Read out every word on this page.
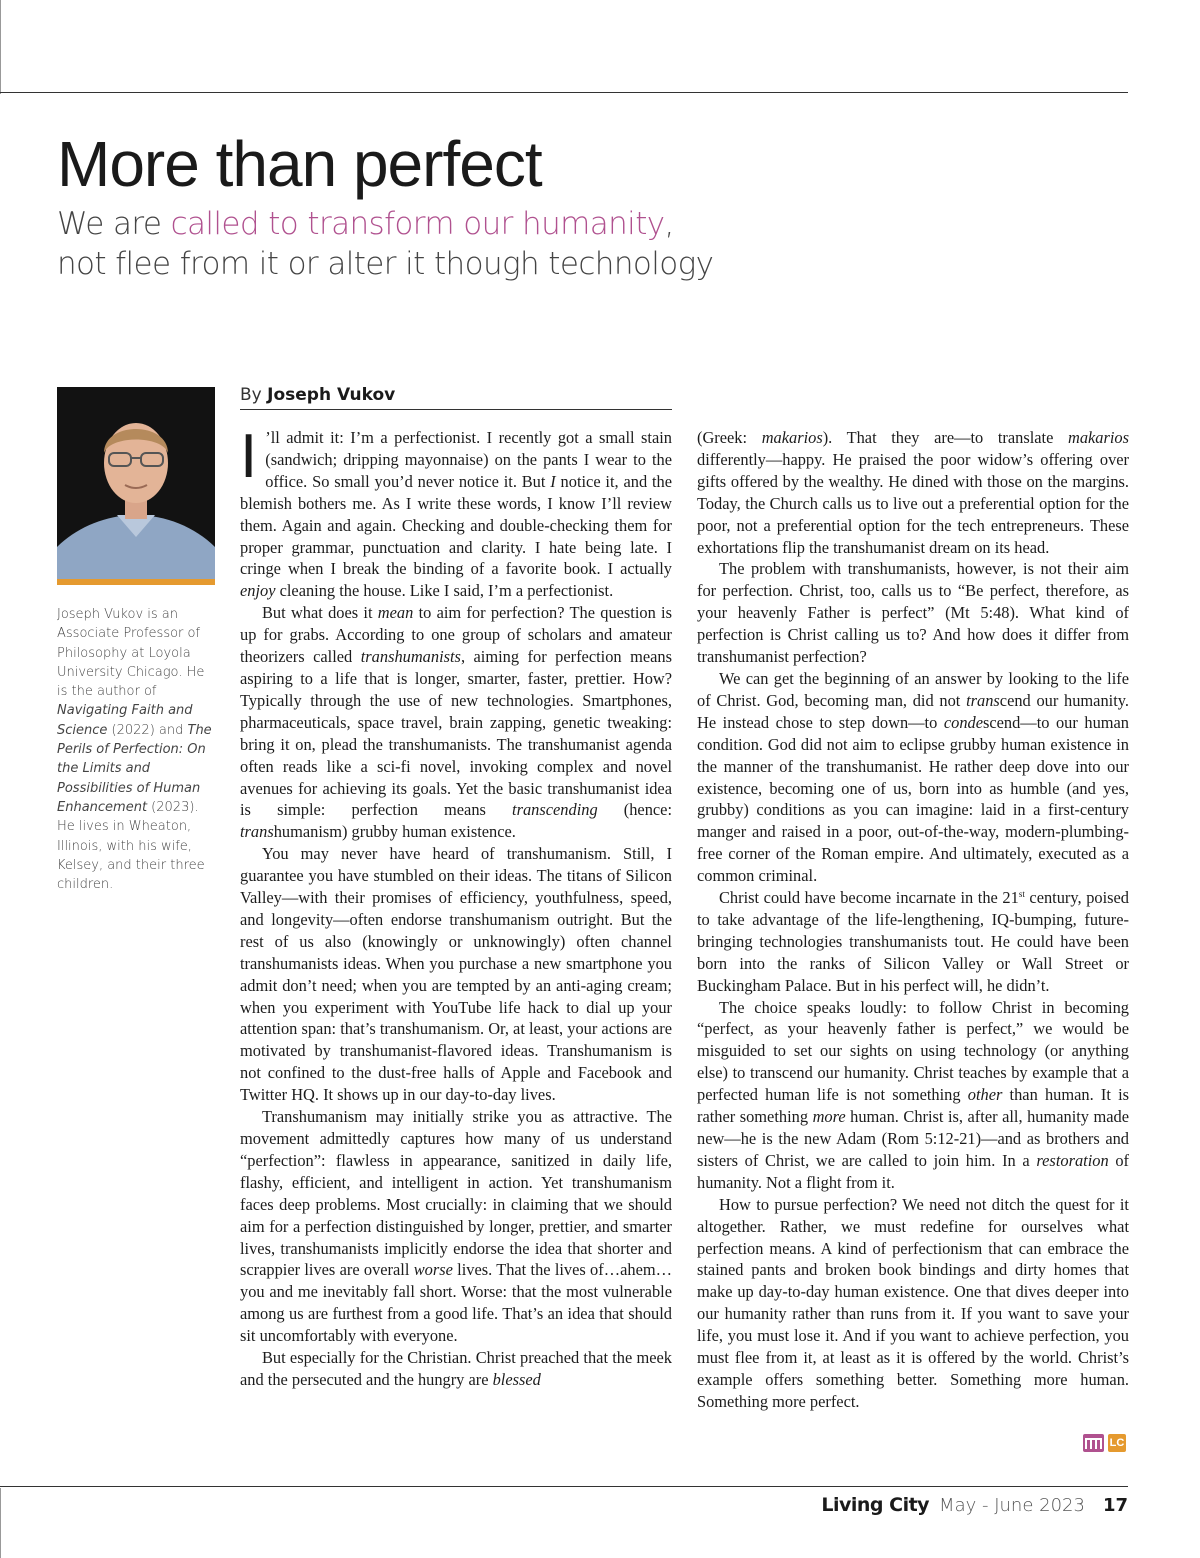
More than perfect

We are called to transform our humanity,
not flee from it or alter it though technology

Joseph Vukov is an Associate Professor of Philosophy at Loyola University Chicago. He is the author of Navigating Faith and Science (2022) and The Perils of Perfection: On the Limits and Possibilities of Human Enhancement (2023). He lives in Wheaton, Illinois, with his wife, Kelsey, and their three children.

By Joseph Vukov

I ’ll admit it: I’m a perfectionist. I recently got a small stain (sandwich; dripping mayonnaise) on the pants I wear to the office. So small you’d never notice it. But I notice it, and the blemish bothers me. As I write these words, I know I’ll review them. Again and again. Checking and double-checking them for proper grammar, punctuation and clarity. I hate being late. I cringe when I break the binding of a favorite book. I actually enjoy cleaning the house. Like I said, I’m a perfectionist.

But what does it mean to aim for perfection? The question is up for grabs. According to one group of scholars and amateur theorizers called transhumanists, aiming for perfection means aspiring to a life that is longer, smarter, faster, prettier. How? Typically through the use of new technologies. Smartphones, pharmaceuticals, space travel, brain zapping, genetic tweaking: bring it on, plead the transhumanists. The transhumanist agenda often reads like a sci-fi novel, invoking complex and novel avenues for achieving its goals. Yet the basic transhumanist idea is simple: perfection means transcending (hence: transhumanism) grubby human existence.

You may never have heard of transhumanism. Still, I guarantee you have stumbled on their ideas. The titans of Silicon Valley—with their promises of efficiency, youthfulness, speed, and longevity—often endorse transhumanism outright. But the rest of us also (knowingly or unknowingly) often channel transhumanists ideas. When you purchase a new smartphone you admit don’t need; when you are tempted by an anti-aging cream; when you experiment with YouTube life hack to dial up your attention span: that’s transhumanism. Or, at least, your actions are motivated by transhumanist-flavored ideas. Transhumanism is not confined to the dust-free halls of Apple and Facebook and Twitter HQ. It shows up in our day-to-day lives.

Transhumanism may initially strike you as attractive. The movement admittedly captures how many of us understand “perfection”: flawless in appearance, sanitized in daily life, flashy, efficient, and intelligent in action. Yet transhumanism faces deep problems. Most crucially: in claiming that we should aim for a perfection distinguished by longer, prettier, and smarter lives, transhumanists implicitly endorse the idea that shorter and scrappier lives are overall worse lives. That the lives of…ahem…you and me inevitably fall short. Worse: that the most vulnerable among us are furthest from a good life. That’s an idea that should sit uncomfortably with everyone.

But especially for the Christian. Christ preached that the meek and the persecuted and the hungry are blessed

(Greek: makarios). That they are—to translate makarios differently—happy. He praised the poor widow’s offering over gifts offered by the wealthy. He dined with those on the margins. Today, the Church calls us to live out a preferential option for the poor, not a preferential option for the tech entrepreneurs. These exhortations flip the transhumanist dream on its head.

The problem with transhumanists, however, is not their aim for perfection. Christ, too, calls us to “Be perfect, therefore, as your heavenly Father is perfect” (Mt 5:48). What kind of perfection is Christ calling us to? And how does it differ from transhumanist perfection?

We can get the beginning of an answer by looking to the life of Christ. God, becoming man, did not transcend our humanity. He instead chose to step down—to condescend—to our human condition. God did not aim to eclipse grubby human existence in the manner of the transhumanist. He rather deep dove into our existence, becoming one of us, born into as humble (and yes, grubby) conditions as you can imagine: laid in a first-century manger and raised in a poor, out-of-the-way, modern-plumbing-free corner of the Roman empire. And ultimately, executed as a common criminal.

Christ could have become incarnate in the 21st century, poised to take advantage of the life-lengthening, IQ-bumping, future-bringing technologies transhumanists tout. He could have been born into the ranks of Silicon Valley or Wall Street or Buckingham Palace. But in his perfect will, he didn’t.

The choice speaks loudly: to follow Christ in becoming “perfect, as your heavenly father is perfect,” we would be misguided to set our sights on using technology (or anything else) to transcend our humanity. Christ teaches by example that a perfected human life is not something other than human. It is rather something more human. Christ is, after all, humanity made new—he is the new Adam (Rom 5:12-21)—and as brothers and sisters of Christ, we are called to join him. In a restoration of humanity. Not a flight from it.

How to pursue perfection? We need not ditch the quest for it altogether. Rather, we must redefine for ourselves what perfection means. A kind of perfectionism that can embrace the stained pants and broken book bindings and dirty homes that make up day-to-day human existence. One that dives deeper into our humanity rather than runs from it. If you want to save your life, you must lose it. And if you want to achieve perfection, you must flee from it, at least as it is offered by the world. Christ’s example offers something better. Something more human. Something more perfect.

LC
Living City May - June 2023 17
